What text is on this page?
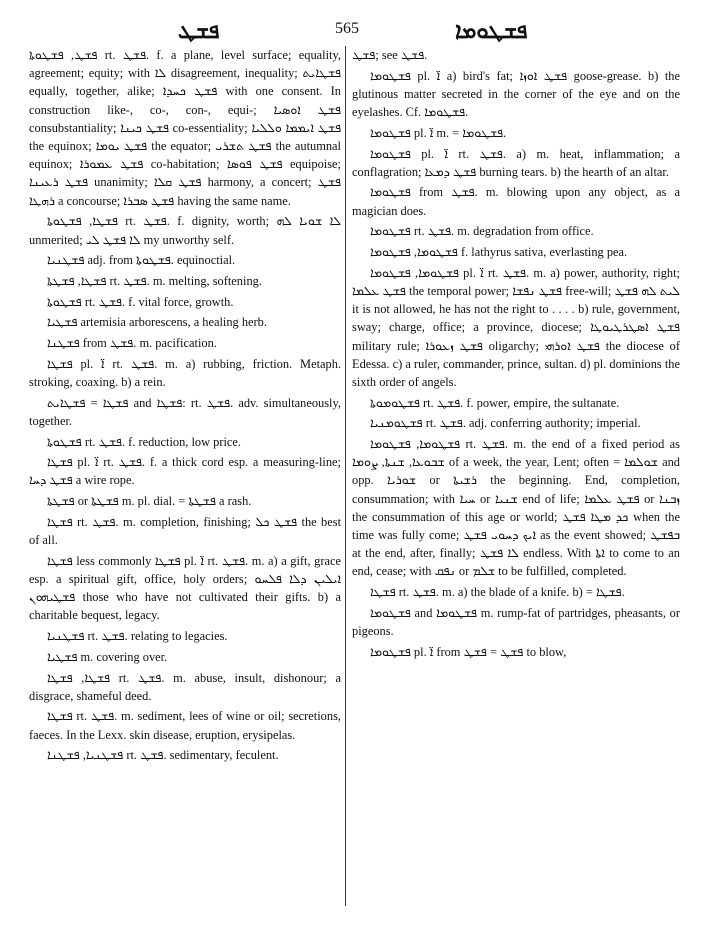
ܦܫܛ	565	ܦܫܛܘܡܐ

ܦܫܛ, ܦܫܛܘܬܐ rt. ܦܫܛ. f. a plane, level surface; equality, agreement; equity; with ܠܐ disagreement, inequality; ܦܫܛܐܝܬ equally, together, alike; ܦܫܛ ܟܚܕܐ with one consent. In construction like-, co-, con-, equi-; ܦܫܛ ܐܘܣܝܐ consubstantiality; ܦܫܛ ܟܝܢܐ co-essentiality; ܦܫܛ ܐܝܡܡܐ ܘܠܠܝܐ the equinox; ܦܫܛ ܝܘܡܐ the equator; ܦܫܛ ܬܫܪܝ the autumnal equinox; ܦܫܛ ܥܡܘܪܐ co-habitation; ܦܫܛ ܦܘܣܐ equipoise; ܦܫܛ ܪܥܝܢܐ unanimity; ܦܫܛ ܩܠܐ harmony, a concert; ܦܫܛ ܪܗܛܐ a concourse; ܦܫܛ ܣܒܪܐ having the same name.

ܦܫܛܐ, ܦܫܛܘܬܐ rt. ܦܫܛ. f. dignity, worth; ܠܐ ܫܘܝܐ ܠܗ unmerited; ܠܐ ܦܫܛ ܠܝ my unworthy self.

ܦܫܛܢܝܐ adj. from ܦܫܛܘܬܐ. equinoctial.

ܦܫܛܐ, ܦܫܛܬܐ rt. ܦܫܛ. m. melting, softening.

ܦܫܛܘܬܐ rt. ܦܫܛ. f. vital force, growth.

ܦܫܛܝܐ artemisia arborescens, a healing herb.

ܦܫܛܢܐ from ܦܫܛ. m. pacification.

ܦܫܛܐ pl. ܐ̈ rt. ܦܫܛ. m. a) rubbing, friction. Metaph. stroking, coaxing. b) a rein.

ܦܫܛܐ = ܦܫܛܐܝܬ and ܦܫܛܐ: rt. ܦܫܛ. adv. simultaneously, together.

ܦܫܛܘܬܐ rt. ܦܫܛ. f. reduction, low price.

ܦܫܛܐ pl. ܐ̈ rt. ܦܫܛ. f. a thick cord esp. a measuring-line; ܦܫܛ ܕܚܐ a wire rope.

ܦܫܛܬܐ or ܦܫܛܬܐ m. pl. dial. = ܦܫܛܬܐ a rash.

ܦܫܛܐ rt. ܦܫܛ. m. completion, finishing; ܦܫܛ ܟܠ the best of all.

ܦܫܛܐ less commonly ܦܫܛܐ pl. ܐ̈ rt. ܦܫܛ. m. a) a gift, grace esp. a spiritual gift, office, holy orders; ܐܝܠܝܢ ܕܠܐ ܦܠܚܘ ܦܫܛܝܗܘܢ those who have not cultivated their gifts. b) a charitable bequest, legacy.

ܦܫܛܢܝܐ rt. ܦܫܛ. relating to legacies.

ܦܫܛܝܐ m. covering over.

ܦܫܛܐ, ܦܫܛܐ rt. ܦܫܛ. m. abuse, insult, dishonour; a disgrace, shameful deed.

ܦܫܛܐ rt. ܦܫܛ. m. sediment, lees of wine or oil; secretions, faeces. In the Lexx. skin disease, eruption, erysipelas.

ܦܫܛܢܝܐ, ܦܫܛܢܐ rt. ܦܫܛ. sedimentary, feculent.

ܦܫܛ; see ܦܫܛ.

ܦܫܛܘܡܐ pl. ܐ̈ a) bird's fat; ܦܫܛ ܐܘܙܐ goose-grease. b) the glutinous matter secreted in the corner of the eye and on the eyelashes. Cf. ܦܫܛܘܡܐ.

ܦܫܛܘܡܐ pl. ܐ̈ m. = ܦܫܛܘܡܐ.

ܦܫܛܘܡܐ pl. ܐ̈ rt. ܦܫܛ. a) m. heat, inflammation; a conflagration; ܦܫܛ ܕܡܥܐ burning tears. b) the hearth of an altar.

ܦܫܛܘܡܐ from ܦܫܛ. m. blowing upon any object, as a magician does.

ܦܫܛܘܡܐ rt. ܦܫܛ. m. degradation from office.

ܦܫܛܘܡܐ, ܦܫܛܘܡܐ f. lathyrus sativa, everlasting pea.

ܦܫܛܘܡܐ, ܦܫܛܘܡܐ pl. ܐ̈ rt. ܦܫܛ. m. a) power, authority, right; ܦܫܛ ܥܠܡܐ the temporal power; ܦܫܛ ܢܦܫܐ free-will; ܠܝܬ ܠܗ ܦܫܛ it is not allowed, he has not the right to . . . . b) rule, government, sway; charge, office; a province, diocese; ܦܫܛ ܐܣܛܪܛܝܘܛܐ military rule; ܦܫܛ ܙܥܘܪܐ oligarchy; ܦܫܛ ܐܘܪܗܝ the diocese of Edessa. c) a ruler, commander, prince, sultan. d) pl. dominions the sixth order of angels.

ܦܫܛܘܡܘܬܐ rt. ܦܫܛ. f. power, empire, the sultanate.

ܦܫܛܘܡܢܝܐ rt. ܦܫܛ. adj. conferring authority; imperial.

ܦܫܛܘܡܐ, ܦܫܛܘܡܐ rt. ܦܫܛ. m. the end of a fixed period as ܫܒܘܥܐ, ܫܢܬܐ, ܨܘܡܐ of a week, the year, Lent; often = ܫܘܠܡܐ and opp. ܫܘܪܝܐ or ܪܫܝܬܐ the beginning. End, completion, consummation; with ܚܝܐ or ܫܢܝܐ end of life; ܦܫܛ ܥܠܡܐ or ܙܒܢܐ the consummation of this age or world; ܟܕ ܡܛܐ ܦܫܛ when the time was fully come; ܐܝܟ ܕܚܘܝ ܦܫܛ as the event showed; ܒܦܫܛ at the end, after, finally; ܠܐ ܦܫܛ endless. With ܐܬܐ to come to an end, cease; with ܢܦܩ or ܫܠܡ to be fulfilled, completed.

ܦܫܛܐ rt. ܦܫܛ. m. a) the blade of a knife. b) = ܦܫܛܐ.

ܦܫܛܘܡܐ and ܦܫܛܘܡܐ m. rump-fat of partridges, pheasants, or pigeons.

ܦܫܛܘܡܐ pl. ܐ̈ from ܦܫܛ = ܦܫܛ to blow,
